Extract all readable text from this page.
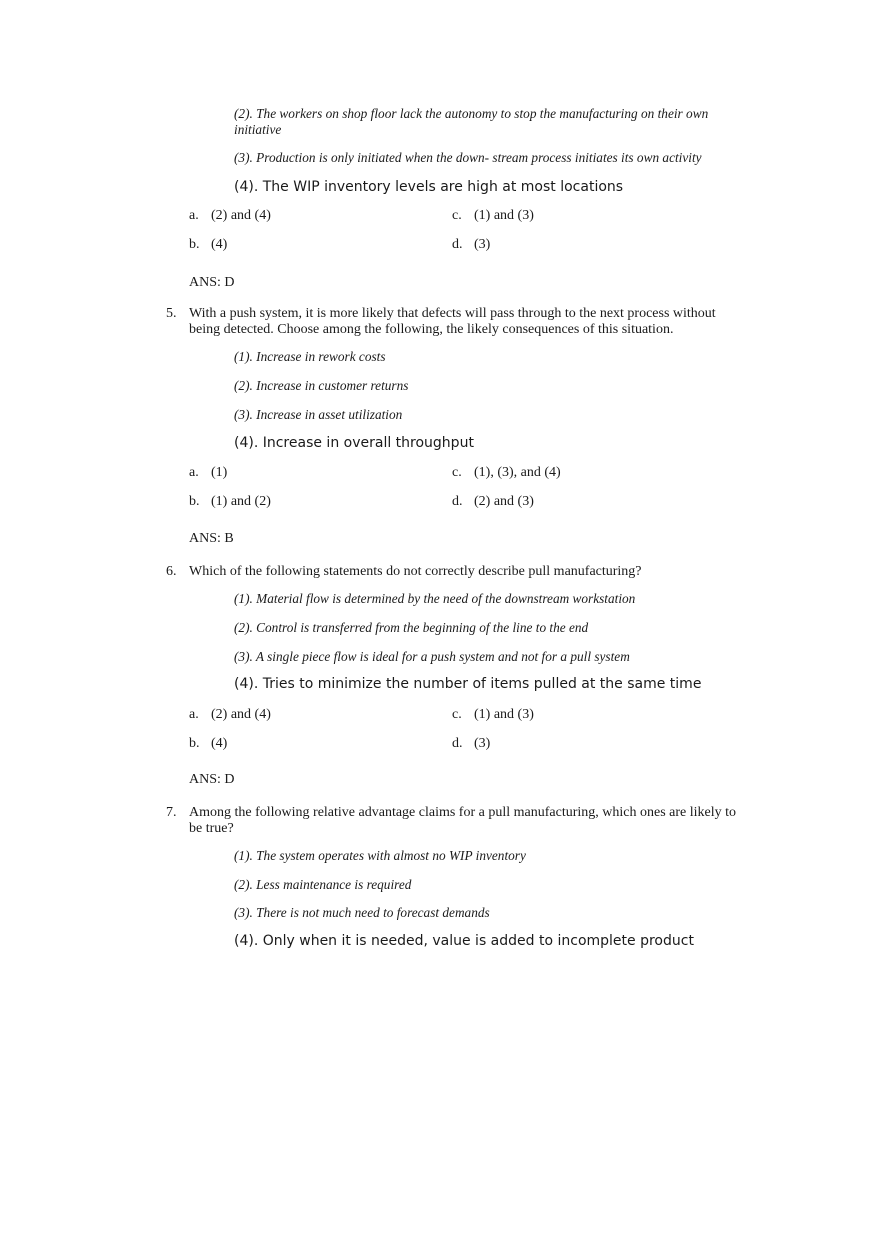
(2). The workers on shop floor lack the autonomy to stop the manufacturing on their own initiative
(3). Production is only initiated when the down- stream process initiates its own activity
(4). The WIP inventory levels are high at most locations
a. (2) and (4)	c. (1) and (3)
b. (4)	d. (3)
ANS: D
5. With a push system, it is more likely that defects will pass through to the next process without being detected. Choose among the following, the likely consequences of this situation.
(1). Increase in rework costs
(2). Increase in customer returns
(3). Increase in asset utilization
(4). Increase in overall throughput
a. (1)	c. (1), (3), and (4)
b. (1) and (2)	d. (2) and (3)
ANS: B
6. Which of the following statements do not correctly describe pull manufacturing?
(1). Material flow is determined by the need of the downstream workstation
(2). Control is transferred from the beginning of the line to the end
(3). A single piece flow is ideal for a push system and not for a pull system
(4). Tries to minimize the number of items pulled at the same time
a. (2) and (4)	c. (1) and (3)
b. (4)	d. (3)
ANS: D
7. Among the following relative advantage claims for a pull manufacturing, which ones are likely to be true?
(1). The system operates with almost no WIP inventory
(2). Less maintenance is required
(3). There is not much need to forecast demands
(4). Only when it is needed, value is added to incomplete product
